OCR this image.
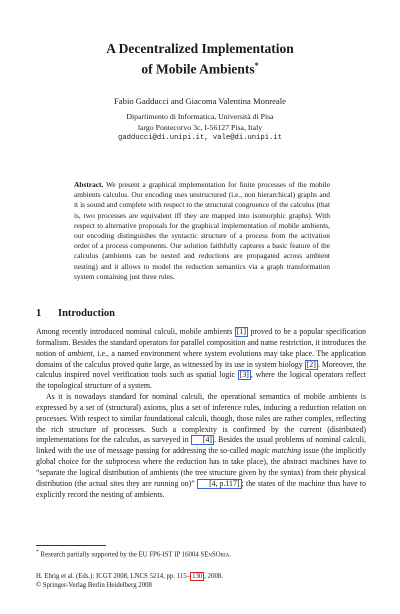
A Decentralized Implementation
of Mobile Ambients*
Fabio Gadducci and Giacoma Valentina Monreale
Dipartimento di Informatica, Università di Pisa
largo Pontecorvo 3c, I-56127 Pisa, Italy
gadducci@di.unipi.it, vale@di.unipi.it
Abstract. We present a graphical implementation for finite processes of the mobile ambients calculus. Our encoding uses unstructured (i.e., non hierarchical) graphs and it is sound and complete with respect to the structural congruence of the calculus (that is, two processes are equivalent iff they are mapped into isomorphic graphs). With respect to alternative proposals for the graphical implementation of mobile ambients, our encoding distinguishes the syntactic structure of a process from the activation order of a process components. Our solution faithfully captures a basic feature of the calculus (ambients can be nested and reductions are propagated across ambient nesting) and it allows to model the reduction semantics via a graph transformation system containing just three rules.
1 Introduction

Among recently introduced nominal calculi, mobile ambients [1] proved to be a popular specification formalism. Besides the standard operators for parallel composition and name restriction, it introduces the notion of ambient, i.e., a named environment where system evolutions may take place. The application domains of the calculus proved quite large, as witnessed by its use in system biology [2] . Moreover, the calculus inspired novel verification tools such as spatial logic [3] , where the logical operators reflect the topological structure of a system.

As it is nowadays standard for nominal calculi, the operational semantics of mobile ambients is expressed by a set of (structural) axioms, plus a set of inference rules, inducing a reduction relation on processes. With respect to similar foundational calculi, though, those rules are rather complex, reflecting the rich structure of processes. Such a complexity is confirmed by the current (distributed) implementations for the calculus, as surveyed in [4] . Besides the usual problems of nominal calculi, linked with the use of message passing for addressing the so-called magic matching issue (the implicitly global choice for the subprocess where the reduction has to take place), the abstract machines have to “separate the logical distribution of ambients (the tree structure given by the syntax) from their physical distribution (the actual sites they are running on)” [4, p.117] ; the states of the machine thus have to explicitly record the nesting of ambients.

* Research partially supported by the EU FP6-IST IP 16004 SEnSOria.
H. Ehrig et al. (Eds.): ICGT 2008, LNCS 5214, pp. 115– 130 , 2008.
© Springer-Verlag Berlin Heidelberg 2008
